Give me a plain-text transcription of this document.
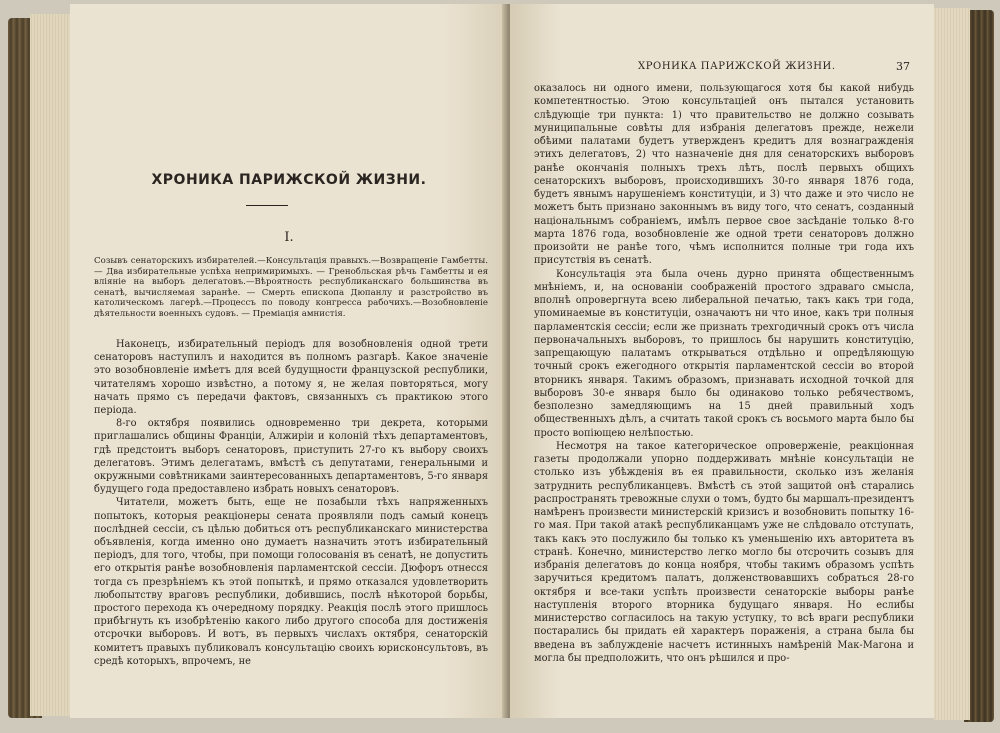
ХРОНИКА ПАРИЖСКОЙ ЖИЗНИ.
I.
Созывъ сенаторскихъ избирателей.—Консультація правыхъ.—Возвращеніе Гамбетты. — Два избирательные успѣха непримиримыхъ. — Гренобльская рѣчь Гамбетты и ея вліяніе на выборъ делегатовъ.—Вѣроятность республиканскаго большинства въ сенатѣ, вычисляемая заранѣе. — Смерть епископа Дюпанлу и разстройство въ католическомъ лагерѣ.—Процессъ по поводу конгресса рабочихъ.—Возобновленіе дѣятельности военныхъ судовъ. — Преміація амнистія.

Наконецъ, избирательный періодъ для возобновленія одной трети сенаторовъ наступилъ и находится въ полномъ разгарѣ. Какое значеніе это возобновленіе имѣетъ для всей будущности французской республики, читателямъ хорошо извѣстно, а потому я, не желая повторяться, могу начать прямо съ передачи фактовъ, связанныхъ съ практикою этого періода.

8-го октября появились одновременно три декрета, которыми приглашались общины Франціи, Алжиріи и колоній тѣхъ департаментовъ, гдѣ предстоитъ выборъ сенаторовъ, приступить 27-го къ выбору своихъ делегатовъ. Этимъ делегатамъ, вмѣстѣ съ депутатами, генеральными и окружными совѣтниками заинтересованныхъ департаментовъ, 5-го января будущего года предоставлено избрать новыхъ сенаторовъ.

Читатели, можетъ быть, еще не позабыли тѣхъ напряженныхъ попытокъ, которыя реакціонеры сената проявляли подъ самый конецъ послѣдней сессіи, съ цѣлью добиться отъ республиканскаго министерства объявленія, когда именно оно думаетъ назначить этотъ избирательный періодъ, для того, чтобы, при помощи голосованія въ сенатѣ, не допустить его открытія ранѣе возобновленія парламентской сессіи. Дюфоръ отнесся тогда съ презрѣніемъ къ этой попыткѣ, и прямо отказался удовлетворить любопытству враговъ республики, добившись, послѣ нѣкоторой борьбы, простого перехода къ очередному порядку. Реакція послѣ этого пришлось прибѣгнуть къ изобрѣтенію какого либо другого способа для достиженія отсрочки выборовъ. И вотъ, въ первыхъ числахъ октября, сенаторскій комитетъ правыхъ публиковалъ консультацію своихъ юрисконсультовъ, въ средѣ которыхъ, впрочемъ, не

ХРОНИКА ПАРИЖСКОЙ ЖИЗНИ.	37

оказалось ни одного имени, пользующагося хотя бы какой нибудь компетентностью. Этою консультаціей онъ пытался установить слѣдующіе три пункта: 1) что правительство не должно созывать муниципальные совѣты для избранія делегатовъ прежде, нежели обѣими палатами будетъ утвержденъ кредитъ для вознагражденія этихъ делегатовъ, 2) что назначеніе дня для сенаторскихъ выборовъ ранѣе окончанія полныхъ трехъ лѣтъ, послѣ первыхъ общихъ сенаторскихъ выборовъ, происходившихъ 30-го января 1876 года, будетъ явнымъ нарушеніемъ конституціи, и 3) что даже и это число не можетъ быть признано законнымъ въ виду того, что сенатъ, созданный національнымъ собраніемъ, имѣлъ первое свое засѣданіе только 8-го марта 1876 года, возобновленіе же одной трети сенаторовъ должно произойти не ранѣе того, чѣмъ исполнится полные три года ихъ присутствія въ сенатѣ.

Консультація эта была очень дурно принята общественнымъ мнѣніемъ, и, на основаніи соображеній простого здраваго смысла, вполнѣ опровергнута всею либеральной печатью, такъ какъ три года, упоминаемые въ конституціи, означаютъ ни что иное, какъ три полныя парламентскія сессіи; если же признать трехгодичный срокъ отъ числа первоначальныхъ выборовъ, то пришлось бы нарушить конституцію, запрещающую палатамъ открываться отдѣльно и опредѣляющую точный срокъ ежегодного открытія парламентской сессіи во второй вторникъ января. Такимъ образомъ, признавать исходной точкой для выборовъ 30-е января было бы одинаково только ребячествомъ, безполезно замедляющимъ на 15 дней правильный ходъ общественныхъ дѣлъ, а считать такой срокъ съ восьмого марта было бы просто вопіющею нелѣпостью.

Несмотря на такое категорическое опроверженіе, реакціонная газеты продолжали упорно поддерживать мнѣніе консультаціи не столько изъ убѣжденія въ ея правильности, сколько изъ желанія затруднить республиканцевъ. Вмѣстѣ съ этой защитой онѣ старались распространять тревожные слухи о томъ, будто бы маршалъ-президентъ намѣренъ произвести министерскій кризисъ и возобновить попытку 16-го мая. При такой атакѣ республиканцамъ уже не слѣдовало отступать, такъ какъ это послужило бы только къ уменьшенію ихъ авторитета въ странѣ. Конечно, министерство легко могло бы отсрочить созывъ для избранія делегатовъ до конца ноября, чтобы такимъ образомъ успѣть заручиться кредитомъ палатъ, долженствовавшихъ собраться 28-го октября и все-таки успѣть произвести сенаторскіе выборы ранѣе наступленія второго вторника будущаго января. Но еслибы министерство согласилось на такую уступку, то всѣ враги республики постарались бы придать ей характеръ пораженія, а страна была бы введена въ заблужденіе насчетъ истинныхъ намѣреній Мак-Магона и могла бы предположить, что онъ рѣшился и про-
